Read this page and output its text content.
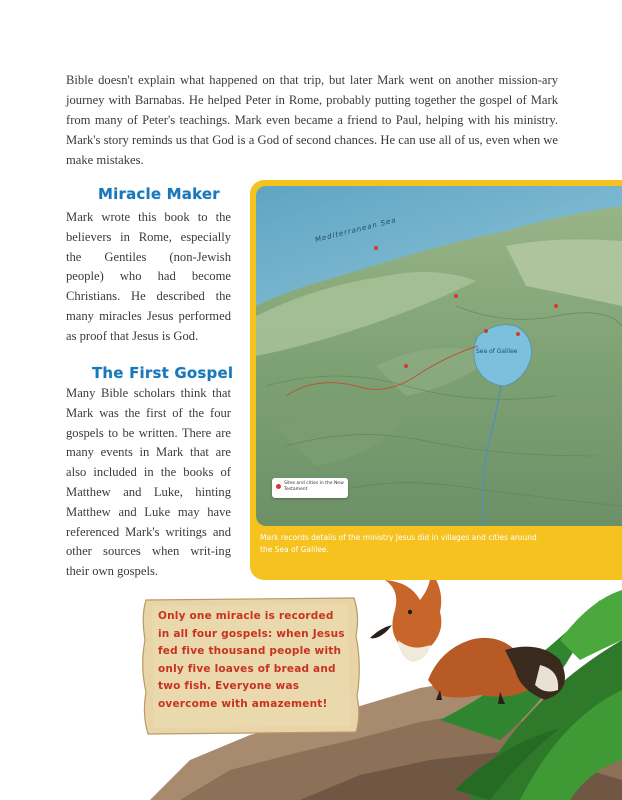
Bible doesn't explain what happened on that trip, but later Mark went on another mission-ary journey with Barnabas. He helped Peter in Rome, probably putting together the gospel of Mark from many of Peter's teachings. Mark even became a friend to Paul, helping with his ministry. Mark's story reminds us that God is a God of second chances. He can use all of us, even when we make mistakes.

Miracle Maker

Mark wrote this book to the believers in Rome, especially the Gentiles (non-Jewish people) who had become Christians. He described the many miracles Jesus performed as proof that Jesus is God.

The First Gospel

Many Bible scholars think that Mark was the first of the four gospels to be written. There are many events in Mark that are also included in the books of Matthew and Luke, hinting Matthew and Luke may have referenced Mark's writings and other sources when writ-ing their own gospels.

Mediterranean Sea
Sea of Galilee
Sites and cities in the New Testament
Mark records details of the ministry Jesus did in villages and cities around the Sea of Galilee.
Only one miracle is recorded in all four gospels: when Jesus fed five thousand people with only five loaves of bread and two fish. Everyone was overcome with amazement!
